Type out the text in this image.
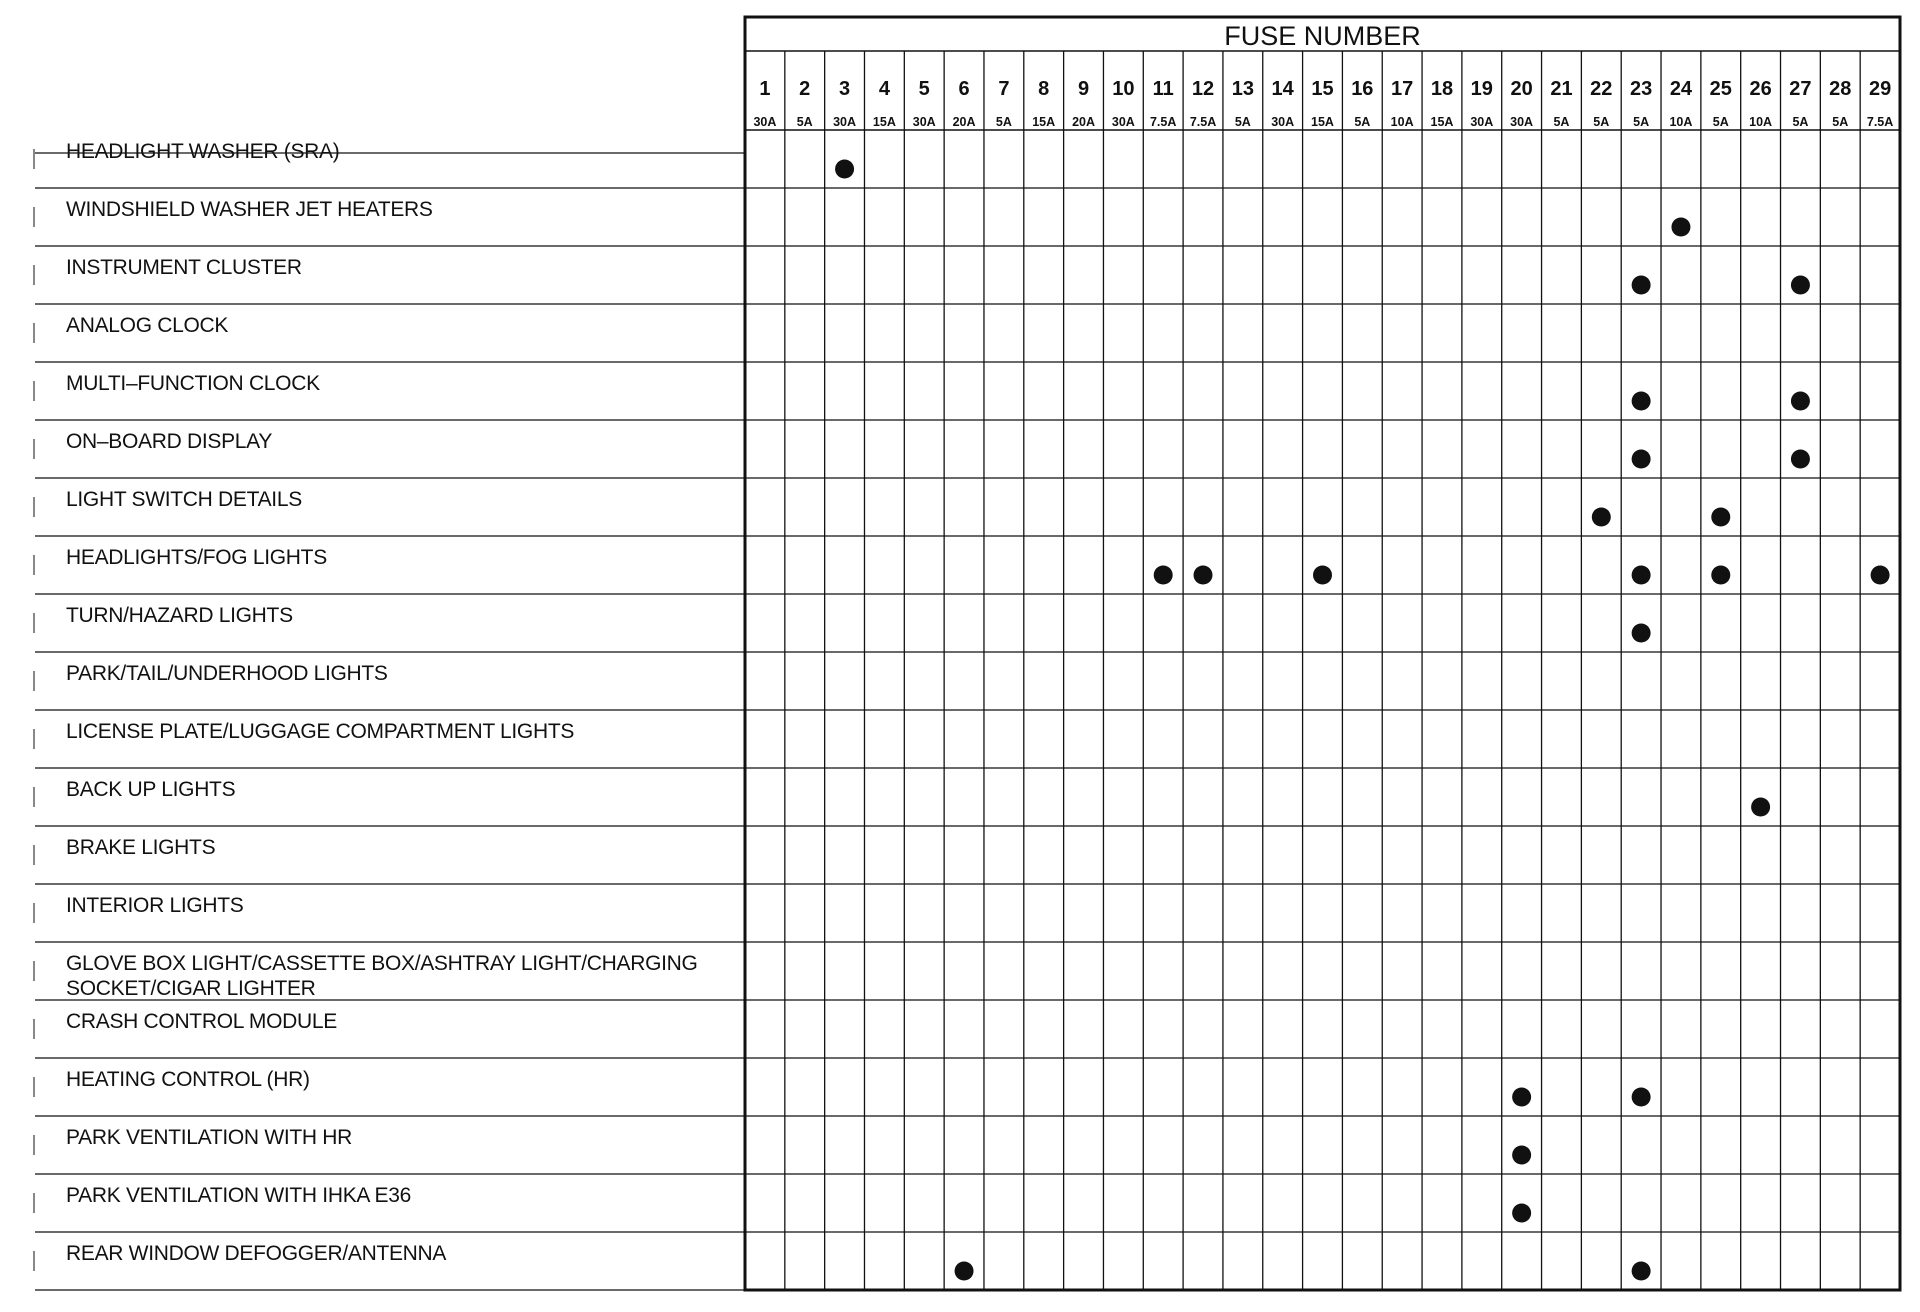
FUSE NUMBER
1
30A
2
5A
3
30A
4
15A
5
30A
6
20A
7
5A
8
15A
9
20A
10
30A
11
7.5A
12
7.5A
13
5A
14
30A
15
15A
16
5A
17
10A
18
15A
19
30A
20
30A
21
5A
22
5A
23
5A
24
10A
25
5A
26
10A
27
5A
28
5A
29
7.5A
HEADLIGHT WASHER (SRA)
WINDSHIELD WASHER JET HEATERS
INSTRUMENT CLUSTER
ANALOG CLOCK
MULTI–FUNCTION CLOCK
ON–BOARD DISPLAY
LIGHT SWITCH DETAILS
HEADLIGHTS/FOG LIGHTS
TURN/HAZARD LIGHTS
PARK/TAIL/UNDERHOOD LIGHTS
LICENSE PLATE/LUGGAGE COMPARTMENT LIGHTS
BACK UP LIGHTS
BRAKE LIGHTS
INTERIOR LIGHTS
GLOVE BOX LIGHT/CASSETTE BOX/ASHTRAY LIGHT/CHARGING
SOCKET/CIGAR LIGHTER
CRASH CONTROL MODULE
HEATING CONTROL (HR)
PARK VENTILATION WITH HR
PARK VENTILATION WITH IHKA E36
REAR WINDOW DEFOGGER/ANTENNA
